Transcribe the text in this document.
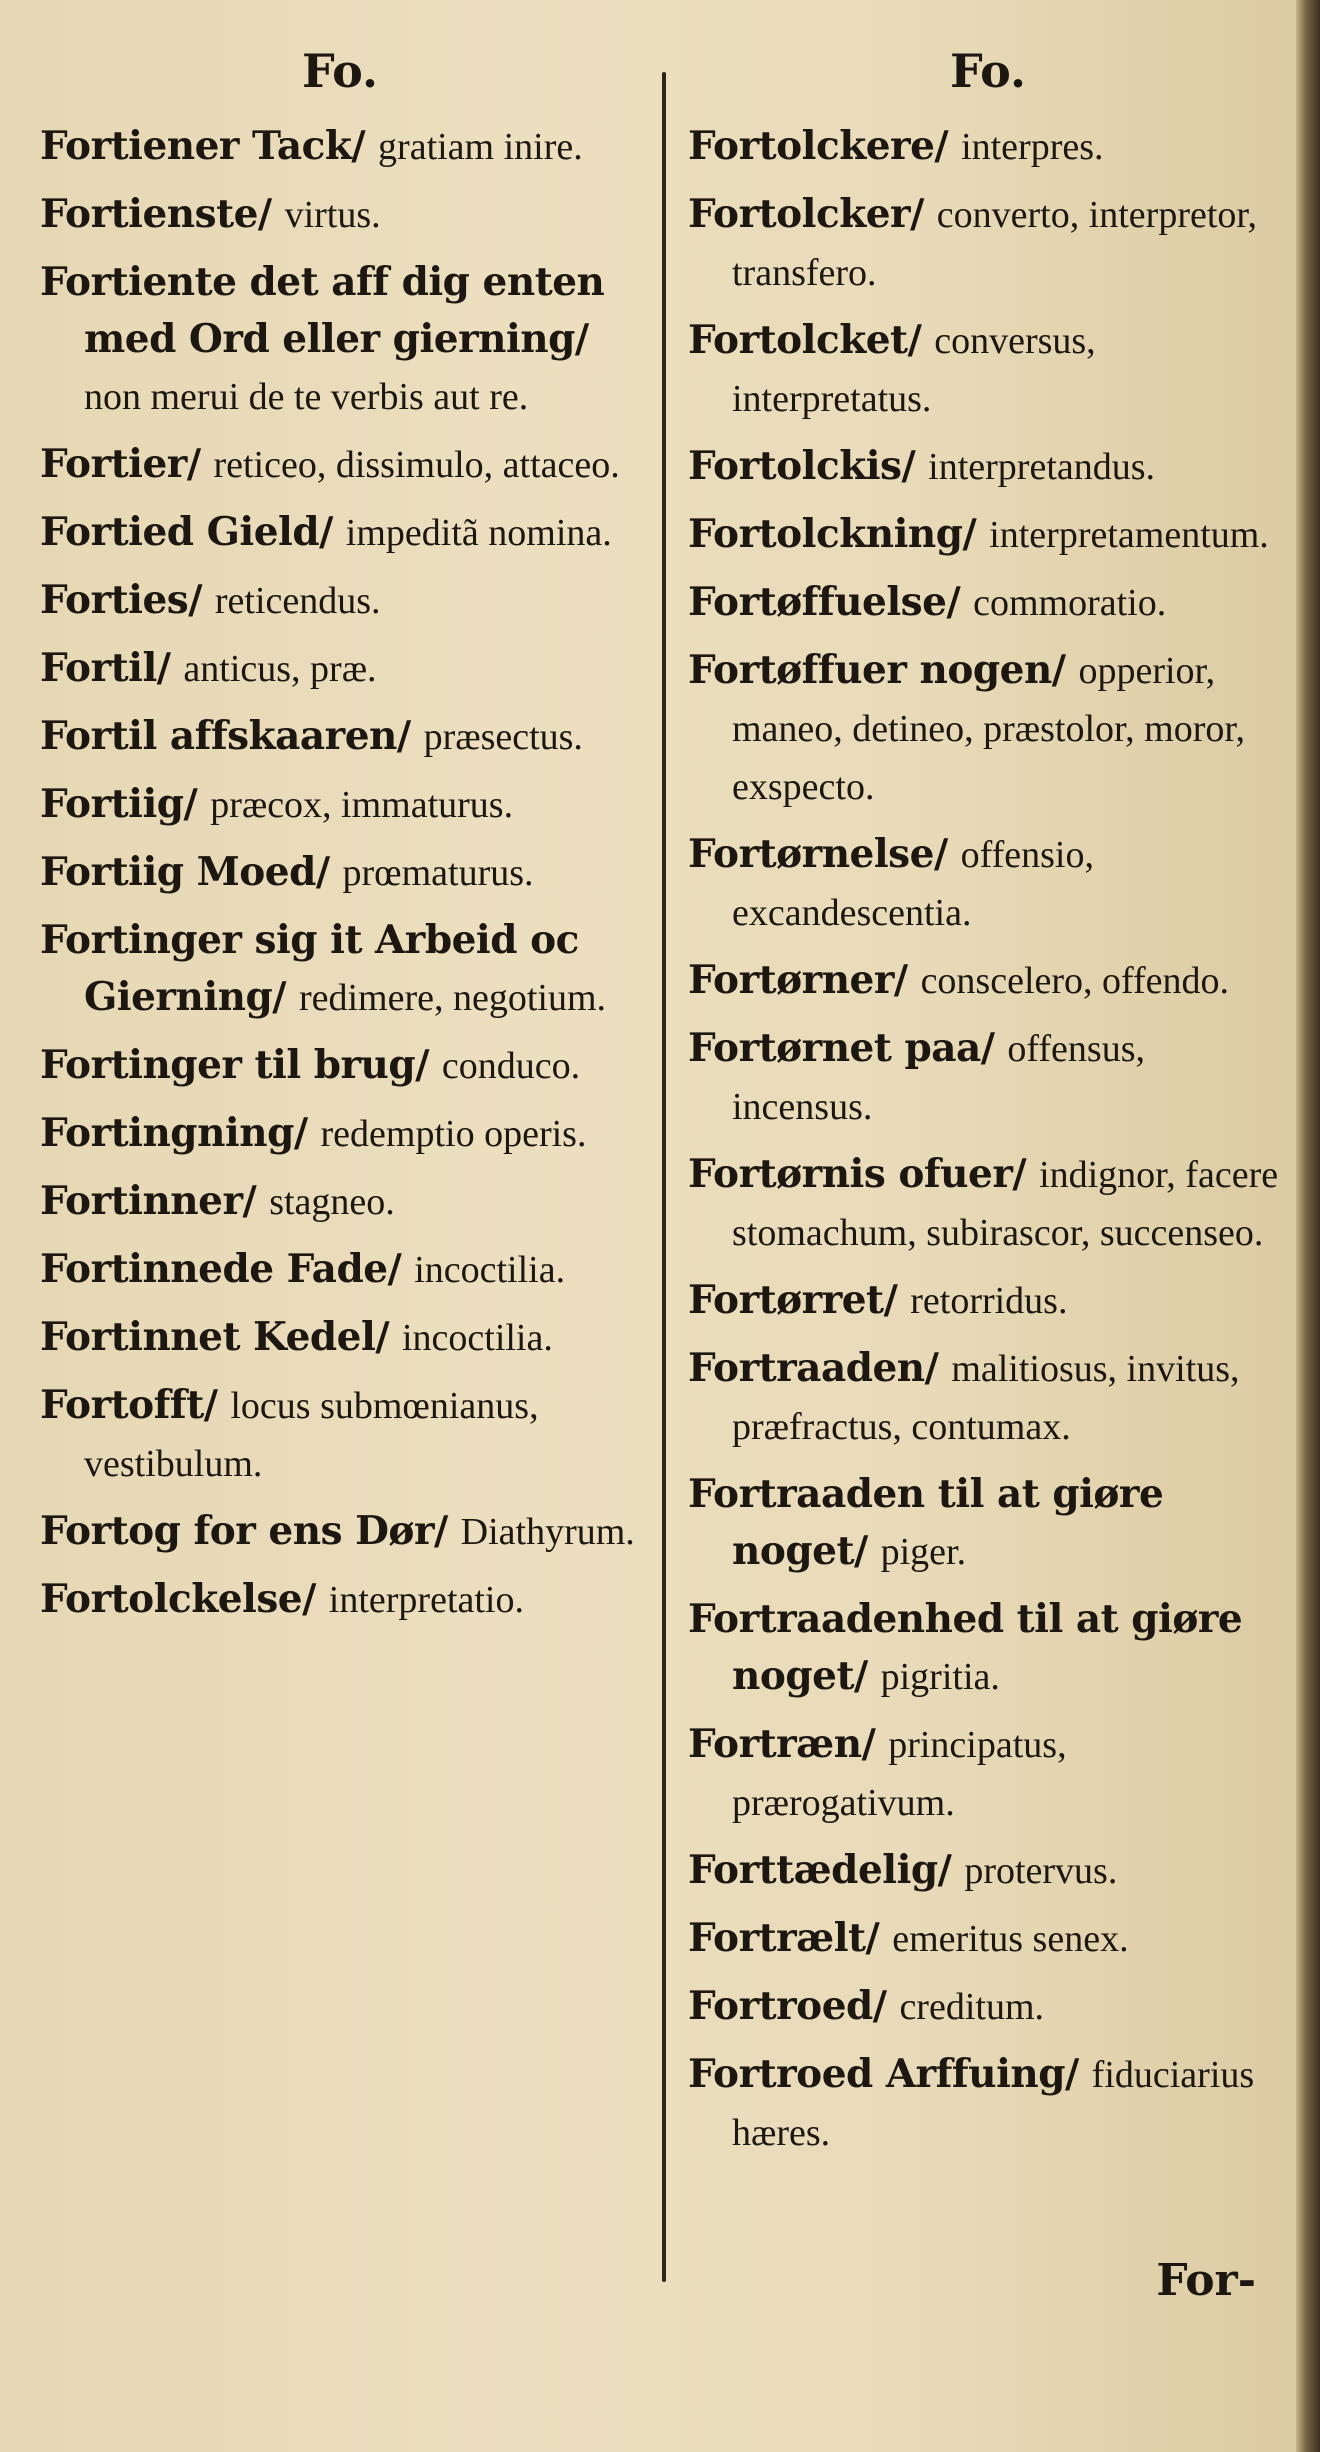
Fo.
Fortiener Tack/ gratiam inire.
Fortienste/ virtus.
Fortiente det aff dig enten med Ord eller gierning/ non merui de te verbis aut re.
Fortier/ reticeo, dissimulo, attaceo.
Fortied Gield/ impeditã nomina.
Forties/ reticendus.
Fortil/ anticus, præ.
Fortil affskaaren/ præsectus.
Fortiig/ præcox, immaturus.
Fortiig Moed/ prœmaturus.
Fortinger sig it Arbeid oc Gierning/ redimere, negotium.
Fortinger til brug/ conduco.
Fortingning/ redemptio operis.
Fortinner/ stagneo.
Fortinnede Fade/ incoctilia.
Fortinnet Kedel/ incoctilia.
Fortofft/ locus submœnianus, vestibulum.
Fortog for ens Dør/ Diathyrum.
Fortolckelse/ interpretatio.
Fo.
Fortolckere/ interpres.
Fortolcker/ converto, interpretor, transfero.
Fortolcket/ conversus, interpretatus.
Fortolckis/ interpretandus.
Fortolckning/ interpretamentum.
Fortøffuelse/ commoratio.
Fortøffuer nogen/ opperior, maneo, detineo, præstolor, moror, exspecto.
Fortørnelse/ offensio, excandescentia.
Fortørner/ conscelero, offendo.
Fortørnet paa/ offensus, incensus.
Fortørnis ofuer/ indignor, facere stomachum, subirascor, succenseo.
Fortørret/ retorridus.
Fortraaden/ malitiosus, invitus, præfractus, contumax.
Fortraaden til at giøre noget/ piger.
Fortraadenhed til at giøre noget/ pigritia.
Fortræn/ principatus, prærogativum.
Forttædelig/ protervus.
Fortrælt/ emeritus senex.
Fortroed/ creditum.
Fortroed Arffuing/ fiduciarius hæres.
For‑
